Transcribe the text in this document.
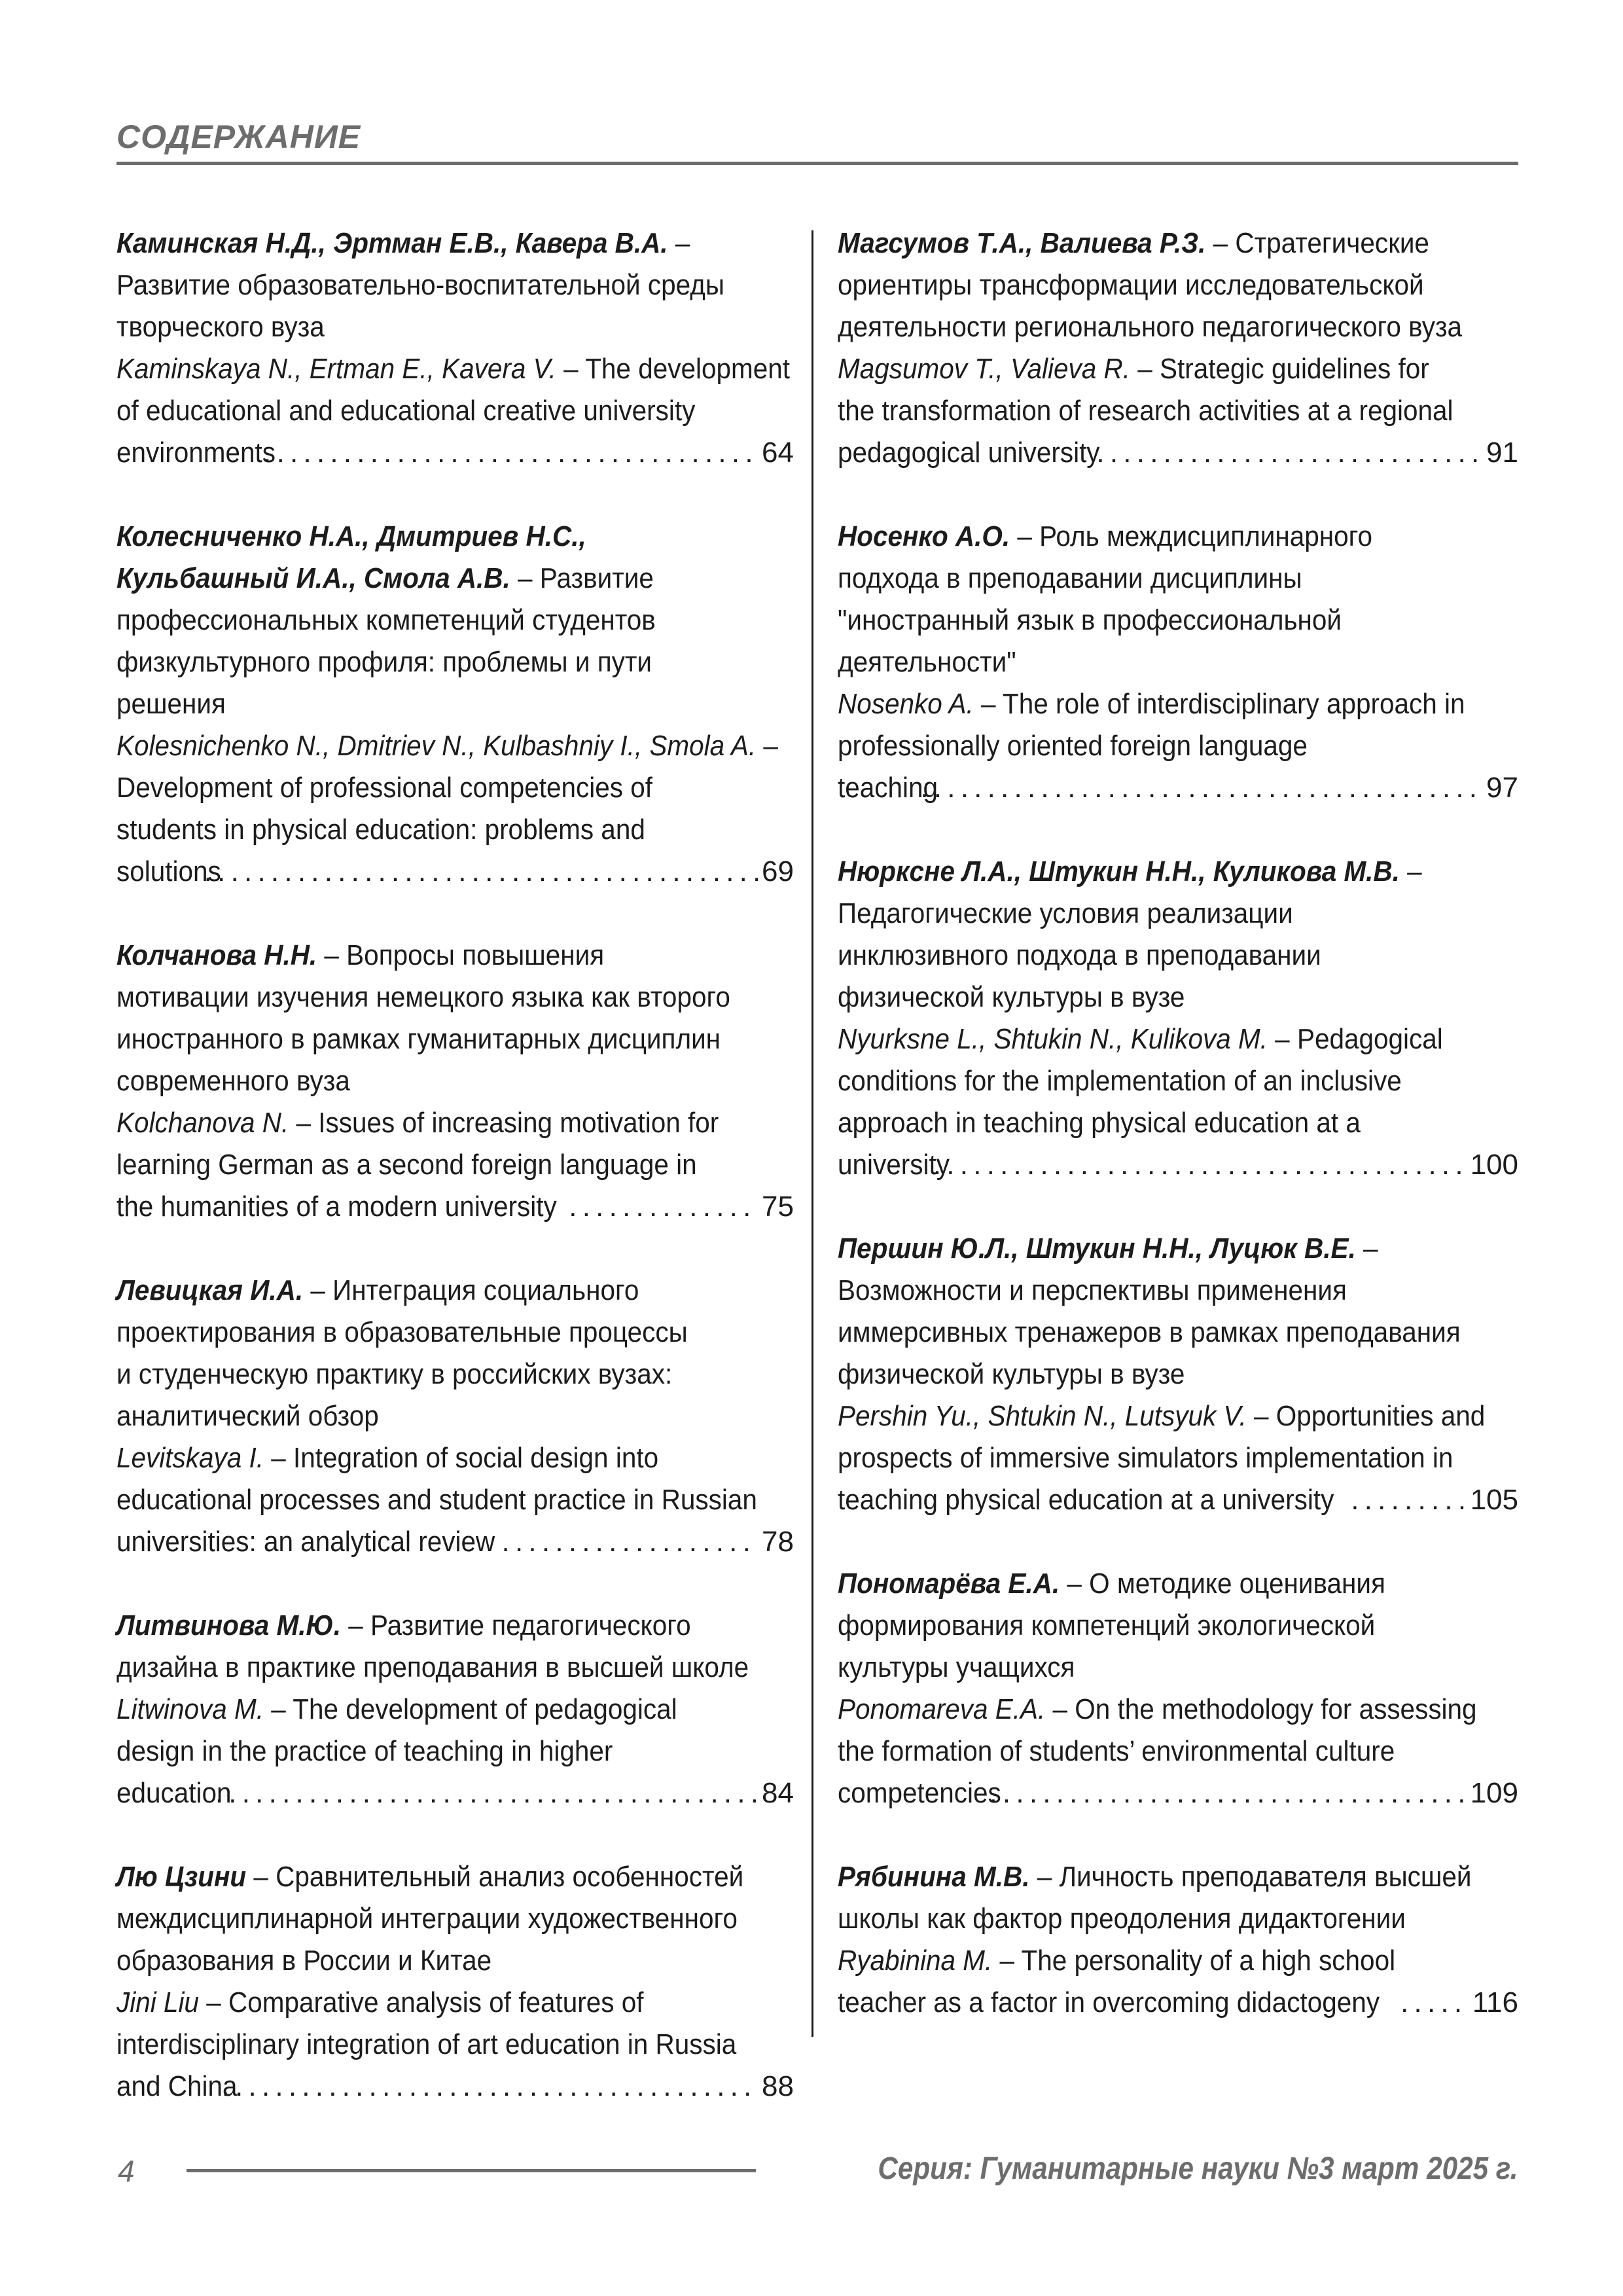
СОДЕРЖАНИЕ
Каминская Н.Д., Эртман Е.В., Кавера В.А. –
Развитие образовательно-воспитательной среды
творческого вуза
Kaminskaya N., Ertman E., Kavera V. – The development
of educational and educational creative university
environments . . .	64
Колесниченко Н.А., Дмитриев Н.С.,
Кульбашный И.А., Смола А.В. – Развитие
профессиональных компетенций студентов
физкультурного профиля: проблемы и пути
решения
Kolesnichenko N., Dmitriev N., Kulbashniy I., Smola A. –
Development of professional competencies of
students in physical education: problems and
solutions . . .	69
Колчанова Н.Н. – Вопросы повышения
мотивации изучения немецкого языка как второго
иностранного в рамках гуманитарных дисциплин
современного вуза
Kolchanova N. – Issues of increasing motivation for
learning German as a second foreign language in
the humanities of a modern university . . .	75
Левицкая И.А. – Интеграция социального
проектирования в образовательные процессы
и студенческую практику в российских вузах:
аналитический обзор
Levitskaya I. – Integration of social design into
educational processes and student practice in Russian
universities: an analytical review . . .	78
Литвинова М.Ю. – Развитие педагогического
дизайна в практике преподавания в высшей школе
Litwinova M. – The development of pedagogical
design in the practice of teaching in higher
education . . .	84
Лю Цзини – Сравнительный анализ особенностей
междисциплинарной интеграции художественного
образования в России и Китае
Jini Liu – Comparative analysis of features of
interdisciplinary integration of art education in Russia
and China . . .	88
Магсумов Т.А., Валиева Р.З. – Стратегические
ориентиры трансформации исследовательской
деятельности регионального педагогического вуза
Magsumov T., Valieva R. – Strategic guidelines for
the transformation of research activities at a regional
pedagogical university . . .	91
Носенко А.О. – Роль междисциплинарного
подхода в преподавании дисциплины
"иностранный язык в профессиональной
деятельности"
Nosenko A. – The role of interdisciplinary approach in
professionally oriented foreign language
teaching . . .	97
Нюрксне Л.А., Штукин Н.Н., Куликова М.В. –
Педагогические условия реализации
инклюзивного подхода в преподавании
физической культуры в вузе
Nyurksne L., Shtukin N., Kulikova M. – Pedagogical
conditions for the implementation of an inclusive
approach in teaching physical education at a
university . . .	100
Першин Ю.Л., Штукин Н.Н., Луцюк В.Е. –
Возможности и перспективы применения
иммерсивных тренажеров в рамках преподавания
физической культуры в вузе
Pershin Yu., Shtukin N., Lutsyuk V. – Opportunities and
prospects of immersive simulators implementation in
teaching physical education at a university . . .	105
Пономарёва Е.А. – О методике оценивания
формирования компетенций экологической
культуры учащихся
Ponomareva E.A. – On the methodology for assessing
the formation of students’ environmental culture
competencies . . .	109
Рябинина М.В. – Личность преподавателя высшей
школы как фактор преодоления дидактогении
Ryabinina M. – The personality of a high school
teacher as a factor in overcoming didactogeny . . .	116
4	Серия: Гуманитарные науки №3 март 2025 г.
